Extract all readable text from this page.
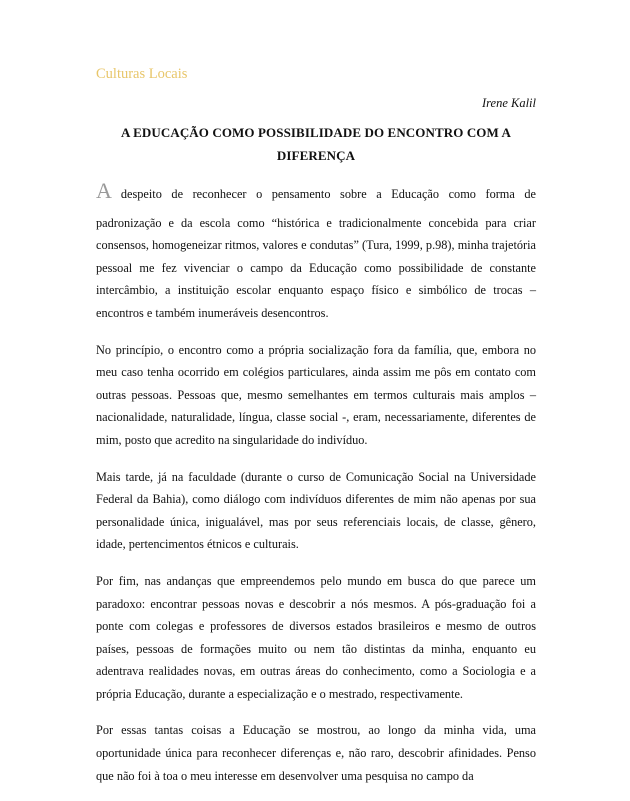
Culturas Locais
Irene Kalil
A EDUCAÇÃO COMO POSSIBILIDADE DO ENCONTRO COM A
DIFERENÇA
A despeito de reconhecer o pensamento sobre a Educação como forma de

padronização e da escola como “histórica e tradicionalmente concebida para criar consensos, homogeneizar ritmos, valores e condutas” (Tura, 1999, p.98), minha trajetória pessoal me fez vivenciar o campo da Educação como possibilidade de constante intercâmbio, a instituição escolar enquanto espaço físico e simbólico de trocas – encontros e também inumeráveis desencontros.

No princípio, o encontro como a própria socialização fora da família, que, embora no meu caso tenha ocorrido em colégios particulares, ainda assim me pôs em contato com outras pessoas. Pessoas que, mesmo semelhantes em termos culturais mais amplos – nacionalidade, naturalidade, língua, classe social -, eram, necessariamente, diferentes de mim, posto que acredito na singularidade do indivíduo.

Mais tarde, já na faculdade (durante o curso de Comunicação Social na Universidade Federal da Bahia), como diálogo com indivíduos diferentes de mim não apenas por sua personalidade única, inigualável, mas por seus referenciais locais, de classe, gênero, idade, pertencimentos étnicos e culturais.

Por fim, nas andanças que empreendemos pelo mundo em busca do que parece um paradoxo: encontrar pessoas novas e descobrir a nós mesmos. A pós-graduação foi a ponte com colegas e professores de diversos estados brasileiros e mesmo de outros países, pessoas de formações muito ou nem tão distintas da minha, enquanto eu adentrava realidades novas, em outras áreas do conhecimento, como a Sociologia e a própria Educação, durante a especialização e o mestrado, respectivamente.

Por essas tantas coisas a Educação se mostrou, ao longo da minha vida, uma oportunidade única para reconhecer diferenças e, não raro, descobrir afinidades. Penso que não foi à toa o meu interesse em desenvolver uma pesquisa no campo da
